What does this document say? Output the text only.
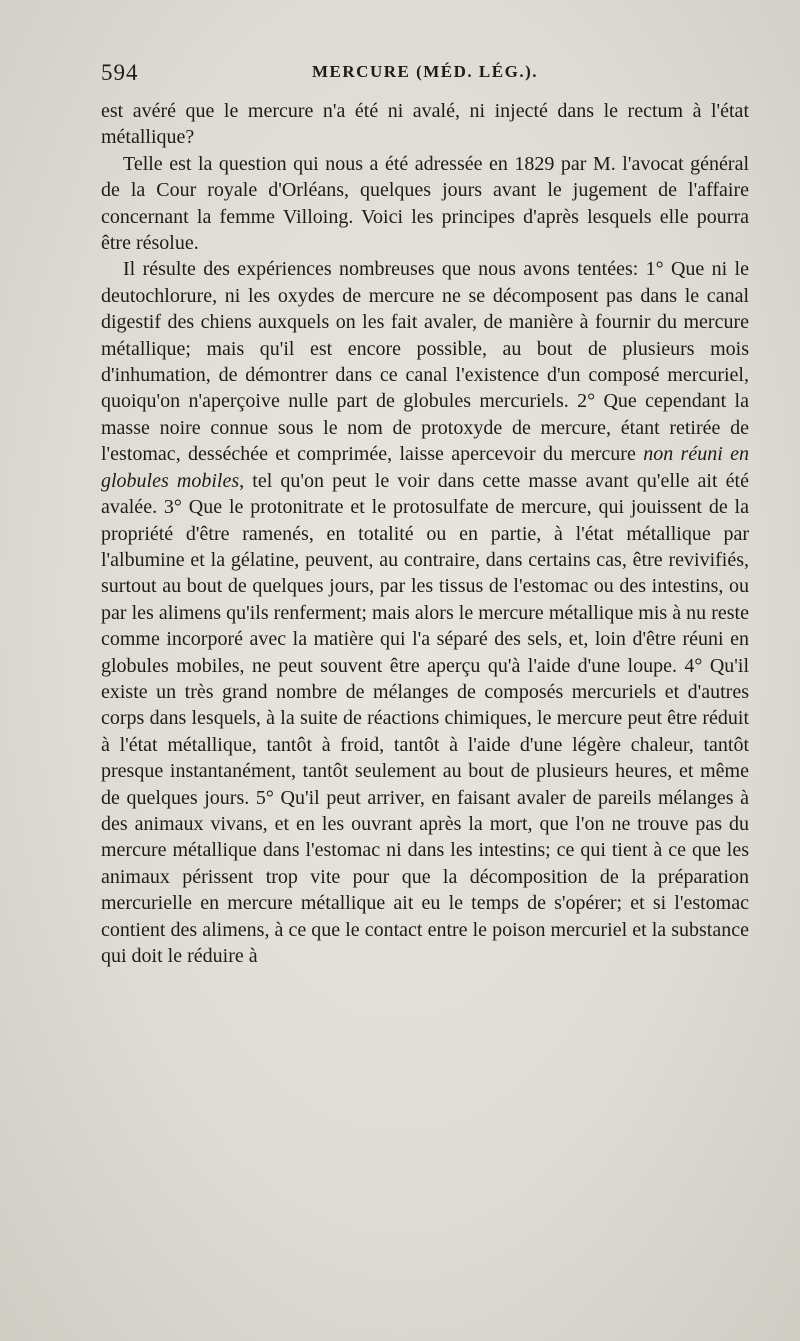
594	MERCURE (MÉD. LÉG.).

est avéré que le mercure n'a été ni avalé, ni injecté dans le rectum à l'état métallique?

Telle est la question qui nous a été adressée en 1829 par M. l'avocat général de la Cour royale d'Orléans, quelques jours avant le jugement de l'affaire concernant la femme Villoing. Voici les principes d'après lesquels elle pourra être résolue.

Il résulte des expériences nombreuses que nous avons tentées: 1° Que ni le deutochlorure, ni les oxydes de mercure ne se décomposent pas dans le canal digestif des chiens auxquels on les fait avaler, de manière à fournir du mercure métallique; mais qu'il est encore possible, au bout de plusieurs mois d'inhumation, de démontrer dans ce canal l'existence d'un composé mercuriel, quoiqu'on n'aperçoive nulle part de globules mercuriels. 2° Que cependant la masse noire connue sous le nom de protoxyde de mercure, étant retirée de l'estomac, desséchée et comprimée, laisse apercevoir du mercure non réuni en globules mobiles, tel qu'on peut le voir dans cette masse avant qu'elle ait été avalée. 3° Que le protonitrate et le protosulfate de mercure, qui jouissent de la propriété d'être ramenés, en totalité ou en partie, à l'état métallique par l'albumine et la gélatine, peuvent, au contraire, dans certains cas, être revivifiés, surtout au bout de quelques jours, par les tissus de l'estomac ou des intestins, ou par les alimens qu'ils renferment; mais alors le mercure métallique mis à nu reste comme incorporé avec la matière qui l'a séparé des sels, et, loin d'être réuni en globules mobiles, ne peut souvent être aperçu qu'à l'aide d'une loupe. 4° Qu'il existe un très grand nombre de mélanges de composés mercuriels et d'autres corps dans lesquels, à la suite de réactions chimiques, le mercure peut être réduit à l'état métallique, tantôt à froid, tantôt à l'aide d'une légère chaleur, tantôt presque instantanément, tantôt seulement au bout de plusieurs heures, et même de quelques jours. 5° Qu'il peut arriver, en faisant avaler de pareils mélanges à des animaux vivans, et en les ouvrant après la mort, que l'on ne trouve pas du mercure métallique dans l'estomac ni dans les intestins; ce qui tient à ce que les animaux périssent trop vite pour que la décomposition de la préparation mercurielle en mercure métallique ait eu le temps de s'opérer; et si l'estomac contient des alimens, à ce que le contact entre le poison mercuriel et la substance qui doit le réduire à
